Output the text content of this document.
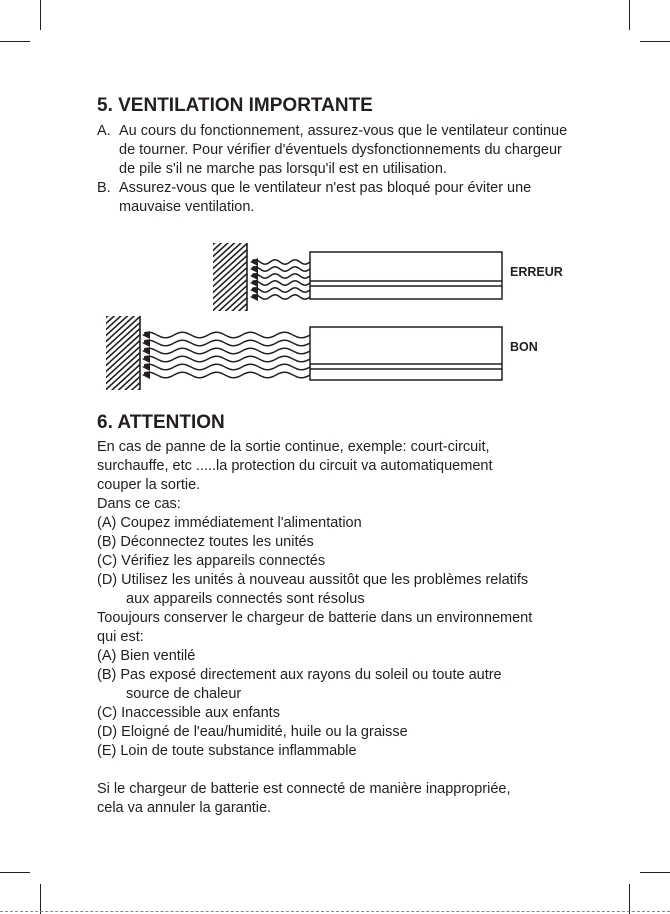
5. VENTILATION IMPORTANTE
A. Au cours du fonctionnement, assurez-vous que le ventilateur continue de tourner. Pour vérifier d'éventuels dysfonctionnements du chargeur de pile s'il ne marche pas lorsqu'il est en utilisation.
B. Assurez-vous que le ventilateur n'est pas bloqué pour éviter une mauvaise ventilation.
ERREUR
BON
6. ATTENTION

En cas de panne de la sortie continue, exemple: court-circuit,

surchauffe, etc .....la protection du circuit va automatiquement

couper la sortie.

Dans ce cas:

(A) Coupez immédiatement l'alimentation

(B) Déconnectez toutes les unités

(C) Vérifiez les appareils connectés

(D) Utilisez les unités à nouveau aussitôt que les problèmes relatifs

aux appareils connectés sont résolus

Tooujours conserver le chargeur de batterie dans un environnement

qui est:

(A) Bien ventilé

(B) Pas exposé directement aux rayons du soleil ou toute autre

source de chaleur

(C) Inaccessible aux enfants

(D) Eloigné de l'eau/humidité, huile ou la graisse

(E) Loin de toute substance inflammable

Si le chargeur de batterie est connecté de manière inappropriée,

cela va annuler la garantie.
